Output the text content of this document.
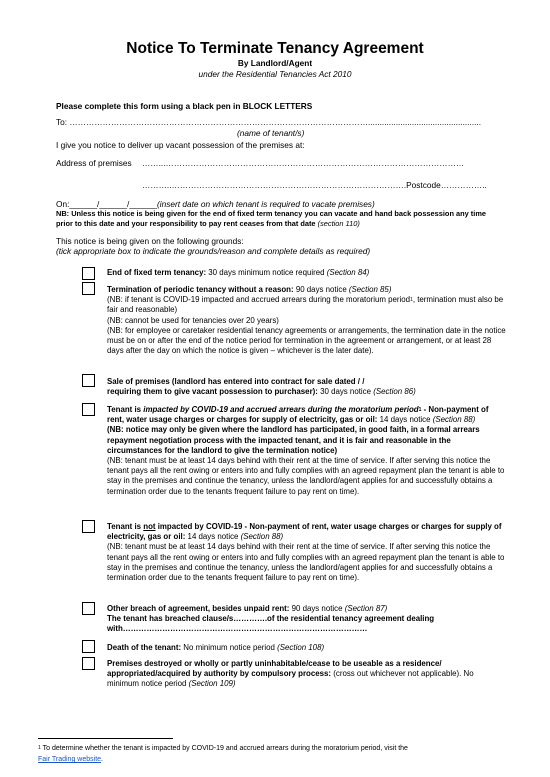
Notice To Terminate Tenancy Agreement
By Landlord/Agent
under the Residential Tenancies Act 2010
Please complete this form using a black pen in BLOCK LETTERS
To: ……………………………………………………………………………………………….................................................
(name of tenant/s)
I give you notice to deliver up vacant possession of the premises at:
Address of premises ……...………………………………………………………………………………………………
………..………………………………………………………………………….Postcode……………..
On:______/______/______(insert date on which tenant is required to vacate premises)
NB: Unless this notice is being given for the end of fixed term tenancy you can vacate and hand back possession any time prior to this date and your responsibility to pay rent ceases from that date (section 110)
This notice is being given on the following grounds:
(tick appropriate box to indicate the grounds/reason and complete details as required)
End of fixed term tenancy: 30 days minimum notice required (Section 84)
Termination of periodic tenancy without a reason: 90 days notice (Section 85)
(NB: if tenant is COVID-19 impacted and accrued arrears during the moratorium period$^1$, termination must also be fair and reasonable)
(NB: cannot be used for tenancies over 20 years)
(NB: for employee or caretaker residential tenancy agreements or arrangements, the termination date in the notice must be on or after the end of the notice period for termination in the agreement or arrangement, or at least 28 days after the day on which the notice is given – whichever is the later date).
Sale of premises (landlord has entered into contract for sale dated / /
requiring them to give vacant possession to purchaser): 30 days notice (Section 86)
Tenant is impacted by COVID-19 and accrued arrears during the moratorium period$^1$ - Non-payment of rent, water usage charges or charges for supply of electricity, gas or oil: 14 days notice (Section 88)
(NB: notice may only be given where the landlord has participated, in good faith, in a formal arrears repayment negotiation process with the impacted tenant, and it is fair and reasonable in the circumstances for the landlord to give the termination notice)
(NB: tenant must be at least 14 days behind with their rent at the time of service. If after serving this notice the tenant pays all the rent owing or enters into and fully complies with an agreed repayment plan the tenant is able to stay in the premises and continue the tenancy, unless the landlord/agent applies for and successfully obtains a termination order due to the tenants frequent failure to pay rent on time).
Tenant is not impacted by COVID-19 - Non-payment of rent, water usage charges or charges for supply of electricity, gas or oil: 14 days notice (Section 88)
(NB: tenant must be at least 14 days behind with their rent at the time of service. If after serving this notice the tenant pays all the rent owing or enters into and fully complies with an agreed repayment plan the tenant is able to stay in the premises and continue the tenancy, unless the landlord/agent applies for and successfully obtains a termination order due to the tenants frequent failure to pay rent on time).
Other breach of agreement, besides unpaid rent: 90 days notice (Section 87)
The tenant has breached clause/s………….of the residential tenancy agreement dealing
with…………………………………………………………………………………
Death of the tenant: No minimum notice period (Section 108)
Premises destroyed or wholly or partly uninhabitable/cease to be useable as a residence/ appropriated/acquired by authority by compulsory process: (cross out whichever not applicable). No minimum notice period (Section 109)
$^1$ To determine whether the tenant is impacted by COVID-19 and accrued arrears during the moratorium period, visit the
Fair Trading website.
